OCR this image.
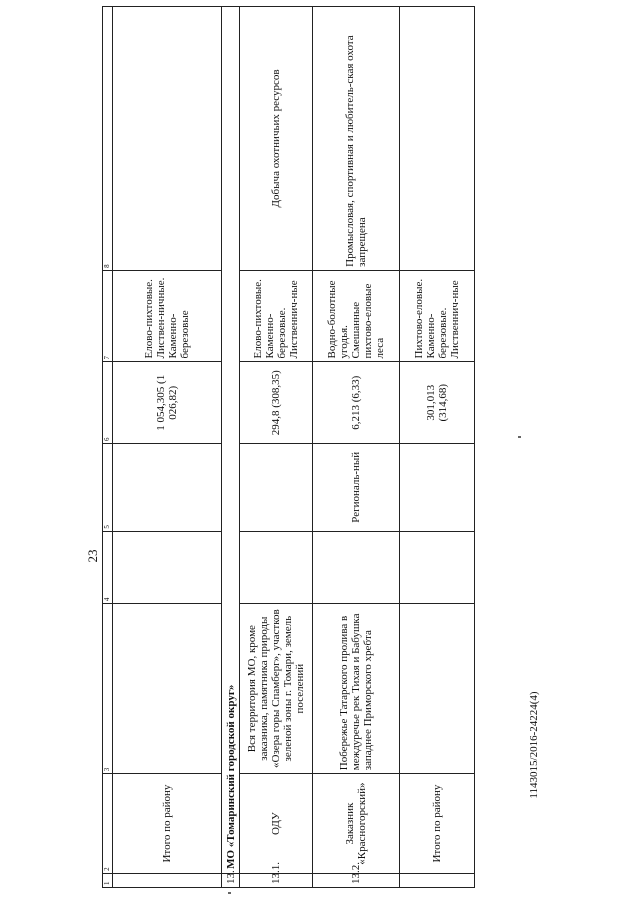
23
1	2	3	4	5	6	7	8
	Итого по району				1 054,305 (1 026,82)	Елово-пихтовые. Листвен-ничные. Каменно-березовые	
13.	МО «Томаринский городской округ»						
13.1.	ОДУ	Вся территория МО, кроме заказника, памятника природы «Озера горы Спамберг», участков зеленой зоны г. Томари, земель поселений			294,8 (308,35)	Елово-пихтовые. Каменно-березовые. Лиственнич-ные	Добыча охотничьих ресурсов
13.2.	Заказник «Красногорский»	Побережье Татарского пролива в междуречье рек Тихая и Бабушка западнее Приморского хребта		Региональ-ный	6,213 (6,33)	Водно-болотные угодья. Смешанные пихтово-еловые леса	Промысловая, спортивная и любитель-ская охота запрещена
	Итого по району				301,013 (314,68)	Пихтово-еловые. Каменно-березовые. Лиственнич-ные	
1143015/2016-24224(4)
